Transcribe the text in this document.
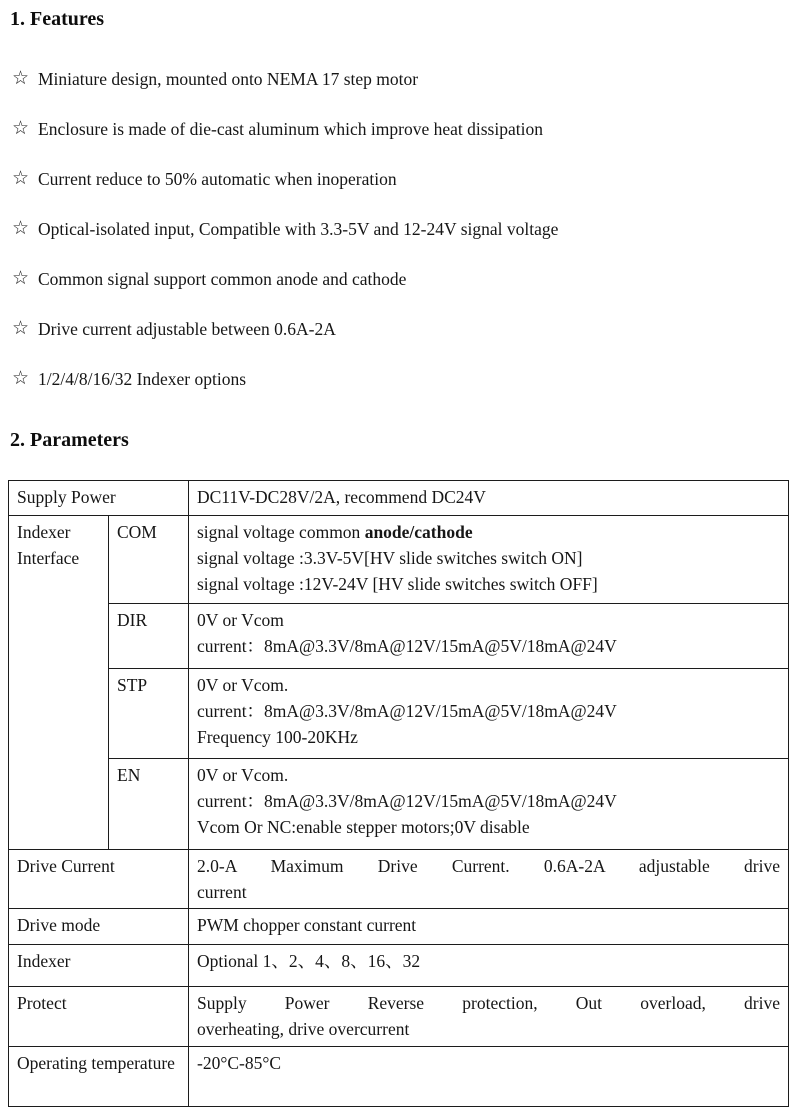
1. Features
☆ Miniature design, mounted onto NEMA 17 step motor
☆ Enclosure is made of die-cast aluminum which improve heat dissipation
☆ Current reduce to 50% automatic when inoperation
☆ Optical-isolated input, Compatible with 3.3-5V and 12-24V signal voltage
☆ Common signal support common anode and cathode
☆ Drive current adjustable between 0.6A-2A
☆ 1/2/4/8/16/32 Indexer options
2. Parameters
Supply Power		DC11V-DC28V/2A, recommend DC24V
Indexer Interface	COM	signal voltage common anode/cathode
signal voltage :3.3V-5V[HV slide switches switch ON]
signal voltage :12V-24V [HV slide switches switch OFF]

	DIR	0V or Vcom
current：8mA@3.3V/8mA@12V/15mA@5V/18mA@24V

	STP	0V or Vcom.
current：8mA@3.3V/8mA@12V/15mA@5V/18mA@24V
Frequency 100-20KHz

	EN	0V or Vcom.
current：8mA@3.3V/8mA@12V/15mA@5V/18mA@24V
Vcom Or NC:enable stepper motors;0V disable

Drive Current		2.0-A Maximum Drive Current. 0.6A-2A adjustable drive
current

Drive mode		PWM chopper constant current
Indexer		Optional 1、2、4、8、16、32
Protect		Supply Power Reverse protection, Out overload, drive
overheating, drive overcurrent

Operating temperature		-20°C-85°C
